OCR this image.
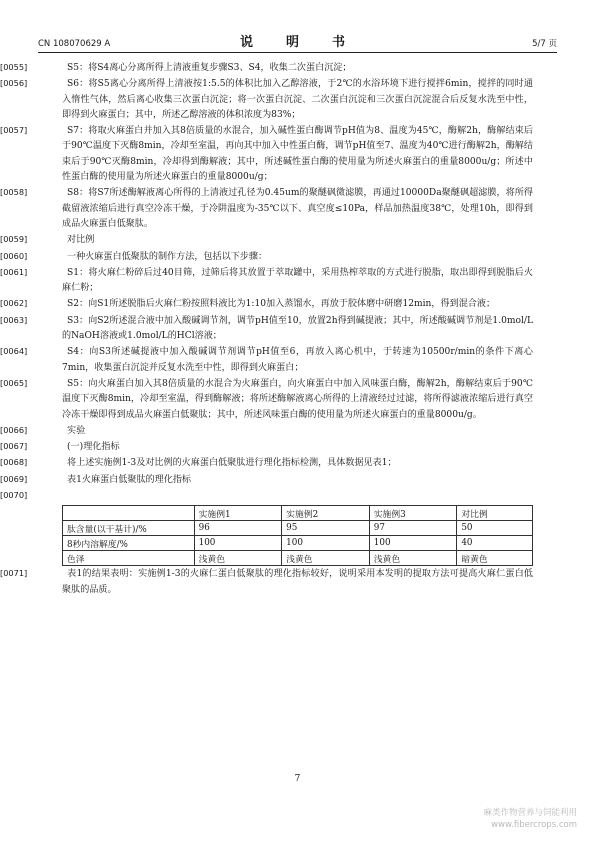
CN 108070629 A	说　明　书	5/7 页

[0055]	S5：将S4离心分离所得上清液重复步骤S3、S4，收集二次蛋白沉淀；

[0056]	S6：将S5离心分离所得上清液按1:5.5的体积比加入乙醇溶液，于2℃的水浴环境下进行搅拌6min，搅拌的同时通入惰性气体，然后离心收集三次蛋白沉淀；将一次蛋白沉淀、二次蛋白沉淀和三次蛋白沉淀混合后反复水洗至中性，即得到火麻蛋白；其中，所述乙醇溶液的体积浓度为83%；

[0057]	S7：将取火麻蛋白并加入其8倍质量的水混合，加入碱性蛋白酶调节pH值为8、温度为45℃，酶解2h，酶解结束后于90℃温度下灭酶8min，冷却至室温，再向其中加入中性蛋白酶，调节pH值至7、温度为40℃进行酶解2h，酶解结束后于90℃灭酶8min，冷却得到酶解液；其中，所述碱性蛋白酶的使用量为所述火麻蛋白的重量8000u/g；所述中性蛋白酶的使用量为所述火麻蛋白的重量8000u/g；

[0058]	S8：将S7所述酶解液离心所得的上清液过孔径为0.45um的聚醚砜微滤膜，再通过10000Da聚醚砜超滤膜，将所得截留液浓缩后进行真空冷冻干燥，于冷阱温度为-35℃以下、真空度≤10Pa，样品加热温度38℃，处理10h，即得到成品火麻蛋白低聚肽。

[0059]	对比例

[0060]	一种火麻蛋白低聚肽的制作方法，包括以下步骤：

[0061]	S1：将火麻仁粉碎后过40目筛，过筛后将其放置于萃取罐中，采用热榨萃取的方式进行脱脂，取出即得到脱脂后火麻仁粉；

[0062]	S2：向S1所述脱脂后火麻仁粉按照料液比为1:10加入蒸馏水，再放于胶体磨中研磨12min，得到混合液；

[0063]	S3：向S2所述混合液中加入酸碱调节剂，调节pH值至10，放置2h得到碱提液；其中，所述酸碱调节剂是1.0mol/L的NaOH溶液或1.0mol/L的HCl溶液；

[0064]	S4：向S3所述碱提液中加入酸碱调节剂调节pH值至6，再放入离心机中，于转速为10500r/min的条件下离心7min，收集蛋白沉淀并反复水洗至中性，即得到火麻蛋白；

[0065]	S5：向火麻蛋白加入其8倍质量的水混合为火麻蛋白，向火麻蛋白中加入风味蛋白酶，酶解2h，酶解结束后于90℃温度下灭酶8min，冷却至室温，得到酶解液；将所述酶解液离心所得的上清液经过过滤，将所得滤液浓缩后进行真空冷冻干燥即得到成品火麻蛋白低聚肽；其中，所述风味蛋白酶的使用量为所述火麻蛋白的重量8000u/g。

[0066]	实验

[0067]	(一)理化指标

[0068]	将上述实施例1-3及对比例的火麻蛋白低聚肽进行理化指标检测，具体数据见表1；

[0069]	表1火麻蛋白低聚肽的理化指标

[0070]

	实施例1	实施例2	实施例3	对比例
肽含量(以干基计)/%	96	95	97	50
8秒内溶解度/%	100	100	100	40
色泽	浅黄色	浅黄色	浅黄色	暗黄色

[0071]	表1的结果表明：实施例1-3的火麻仁蛋白低聚肽的理化指标较好，说明采用本发明的提取方法可提高火麻仁蛋白低聚肽的品质。

7
麻类作物营养与饲能利用
www.fibercrops.com
